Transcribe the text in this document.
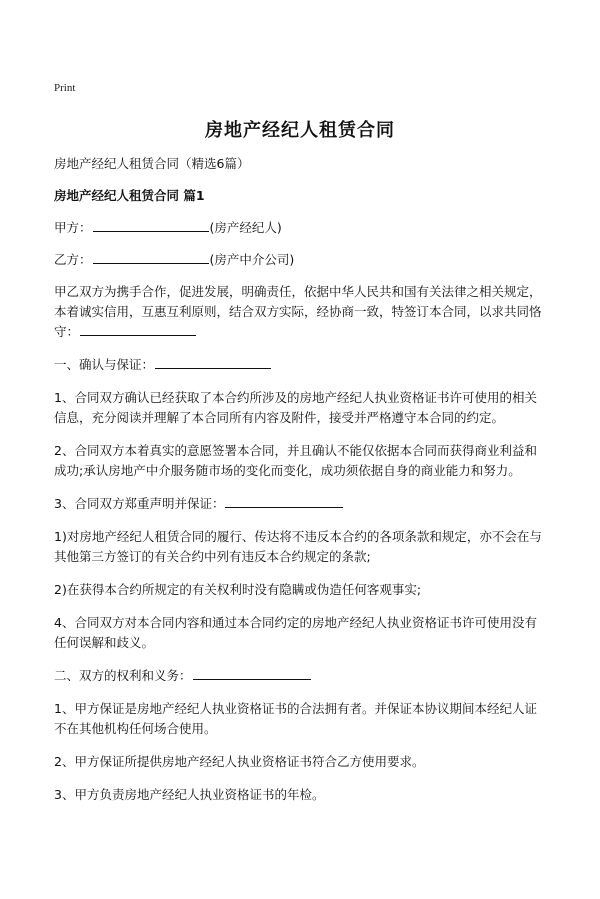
Print
房地产经纪人租赁合同

房地产经纪人租赁合同（精选6篇）

房地产经纪人租赁合同 篇1

甲方：	(房产经纪人)

乙方：	(房产中介公司)

甲乙双方为携手合作，促进发展，明确责任，依据中华人民共和国有关法律之相关规定，本着诚实信用，互惠互利原则，结合双方实际，经协商一致，特签订本合同，以求共同恪守：

一、确认与保证：

1、合同双方确认已经获取了本合约所涉及的房地产经纪人执业资格证书许可使用的相关信息，充分阅读并理解了本合同所有内容及附件，接受并严格遵守本合同的约定。

2、合同双方本着真实的意愿签署本合同，并且确认不能仅依据本合同而获得商业利益和成功;承认房地产中介服务随市场的变化而变化，成功须依据自身的商业能力和努力。

3、合同双方郑重声明并保证：

1)对房地产经纪人租赁合同的履行、传达将不违反本合约的各项条款和规定，亦不会在与其他第三方签订的有关合约中列有违反本合约规定的条款;

2)在获得本合约所规定的有关权利时没有隐瞒或伪造任何客观事实;

4、合同双方对本合同内容和通过本合同约定的房地产经纪人执业资格证书许可使用没有任何误解和歧义。

二、双方的权利和义务：

1、甲方保证是房地产经纪人执业资格证书的合法拥有者。并保证本协议期间本经纪人证不在其他机构任何场合使用。

2、甲方保证所提供房地产经纪人执业资格证书符合乙方使用要求。

3、甲方负责房地产经纪人执业资格证书的年检。
